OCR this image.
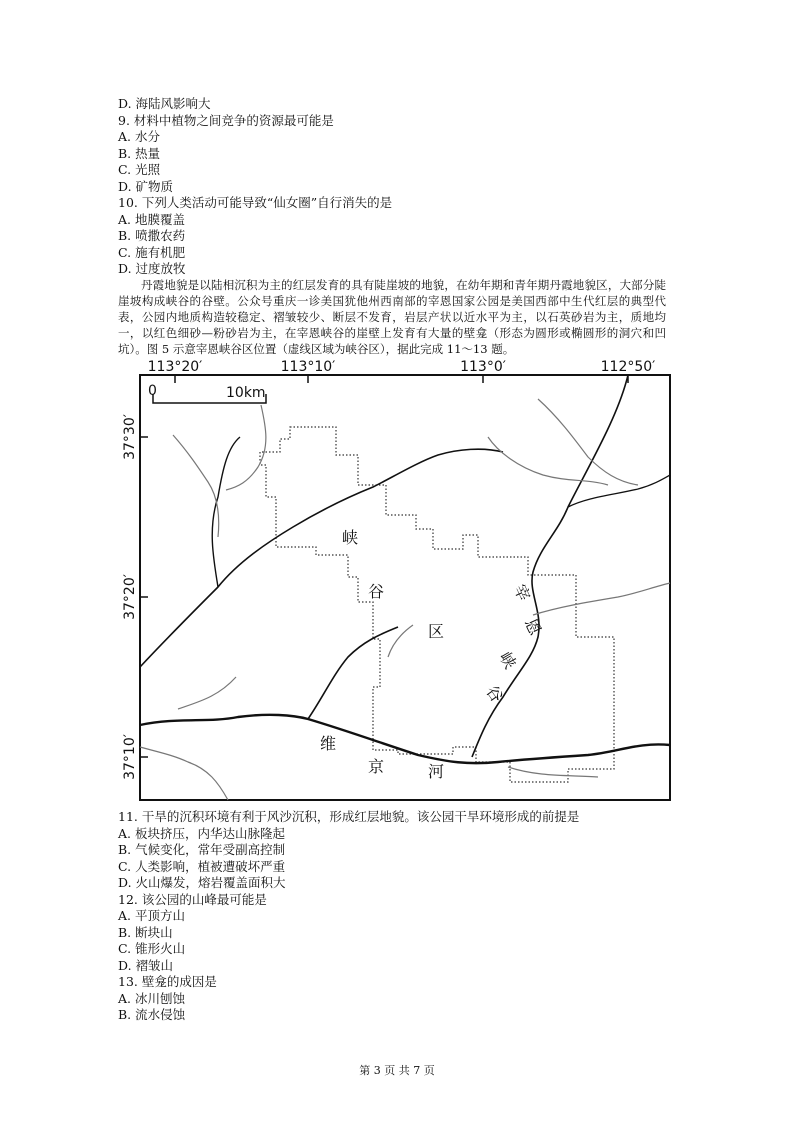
D. 海陆风影响大
9. 材料中植物之间竞争的资源最可能是
A. 水分
B. 热量
C. 光照
D. 矿物质
10. 下列人类活动可能导致“仙女圈”自行消失的是
A. 地膜覆盖
B. 喷撒农药
C. 施有机肥
D. 过度放牧
丹霞地貌是以陆相沉积为主的红层发育的具有陡崖坡的地貌，在幼年期和青年期丹霞地貌区，大部分陡崖坡构成峡谷的谷壁。公众号重庆一诊美国犹他州西南部的宰恩国家公园是美国西部中生代红层的典型代表，公园内地质构造较稳定、褶皱较少、断层不发育，岩层产状以近水平为主，以石英砂岩为主，质地均一，以红色细砂—粉砂岩为主，在宰恩峡谷的崖壁上发育有大量的壁龛（形态为圆形或椭圆形的洞穴和凹坑）。图 5 示意宰恩峡谷区位置（虚线区域为峡谷区），据此完成 11～13 题。
113°20′	113°10′	113°0′	112°50′
37°30′
37°20′
37°10′
0	10km
峡
谷
区
维
京	河
宰
恩
峡
谷
11. 干旱的沉积环境有利于风沙沉积，形成红层地貌。该公园干旱环境形成的前提是
A. 板块挤压，内华达山脉隆起
B. 气候变化，常年受副高控制
C. 人类影响，植被遭破坏严重
D. 火山爆发，熔岩覆盖面积大
12. 该公园的山峰最可能是
A. 平顶方山
B. 断块山
C. 锥形火山
D. 褶皱山
13. 壁龛的成因是
A. 冰川刨蚀
B. 流水侵蚀
第 3 页 共 7 页
